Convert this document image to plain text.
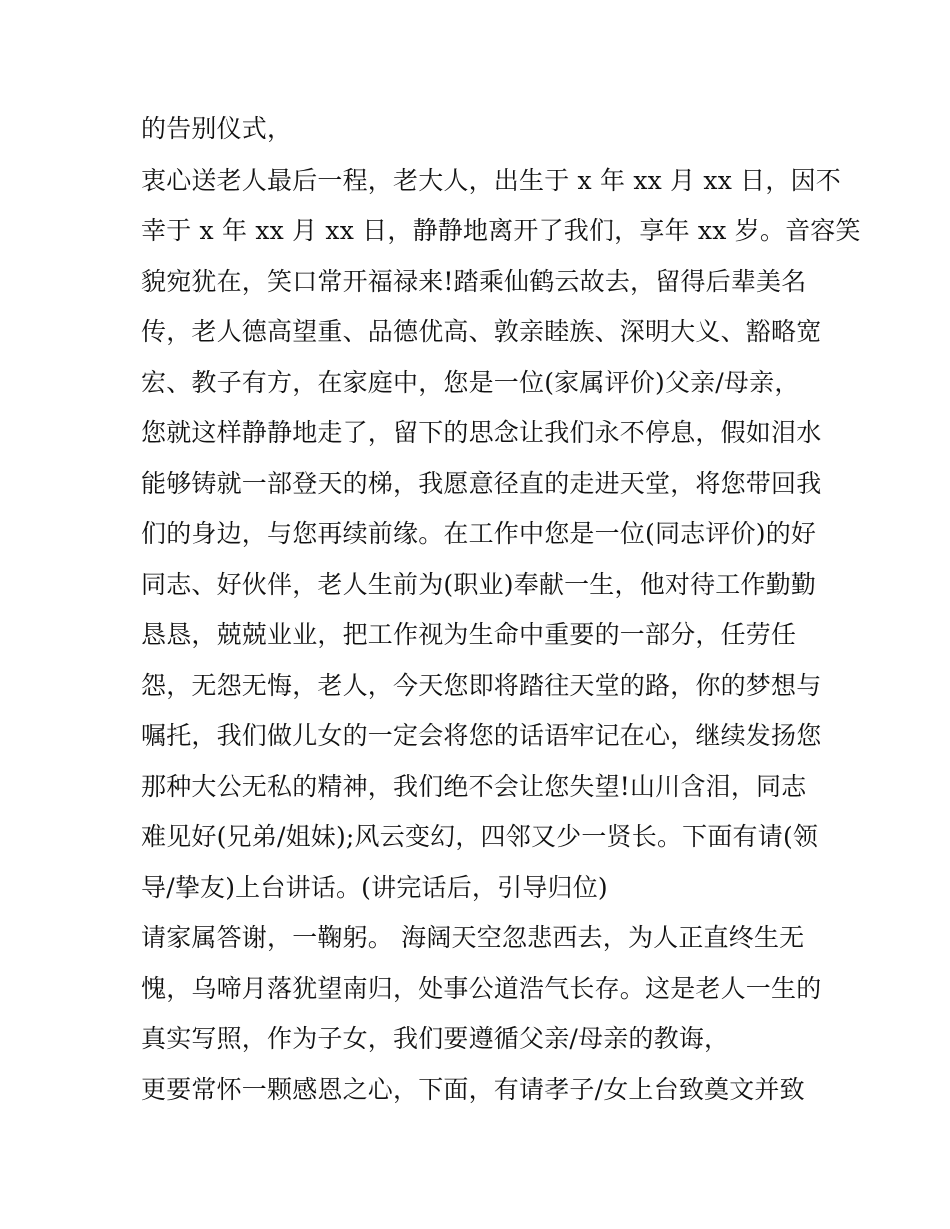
的告别仪式，

衷心送老人最后一程，老大人，出生于 x 年 xx 月 xx 日，因不

幸于 x 年 xx 月 xx 日，静静地离开了我们，享年 xx 岁。音容笑

貌宛犹在，笑口常开福禄来!踏乘仙鹤云故去，留得后辈美名

传，老人德高望重、品德优高、敦亲睦族、深明大义、豁略宽

宏、教子有方，在家庭中，您是一位(家属评价)父亲/母亲，

您就这样静静地走了，留下的思念让我们永不停息，假如泪水

能够铸就一部登天的梯，我愿意径直的走进天堂，将您带回我

们的身边，与您再续前缘。在工作中您是一位(同志评价)的好

同志、好伙伴，老人生前为(职业)奉献一生，他对待工作勤勤

恳恳，兢兢业业，把工作视为生命中重要的一部分，任劳任

怨，无怨无悔，老人，今天您即将踏往天堂的路，你的梦想与

嘱托，我们做儿女的一定会将您的话语牢记在心，继续发扬您

那种大公无私的精神，我们绝不会让您失望!山川含泪，同志

难见好(兄弟/姐妹);风云变幻，四邻又少一贤长。下面有请(领

导/挚友)上台讲话。(讲完话后，引导归位)

请家属答谢，一鞠躬。 海阔天空忽悲西去，为人正直终生无

愧，乌啼月落犹望南归，处事公道浩气长存。这是老人一生的

真实写照，作为子女，我们要遵循父亲/母亲的教诲，

更要常怀一颗感恩之心，下面，有请孝子/女上台致奠文并致
